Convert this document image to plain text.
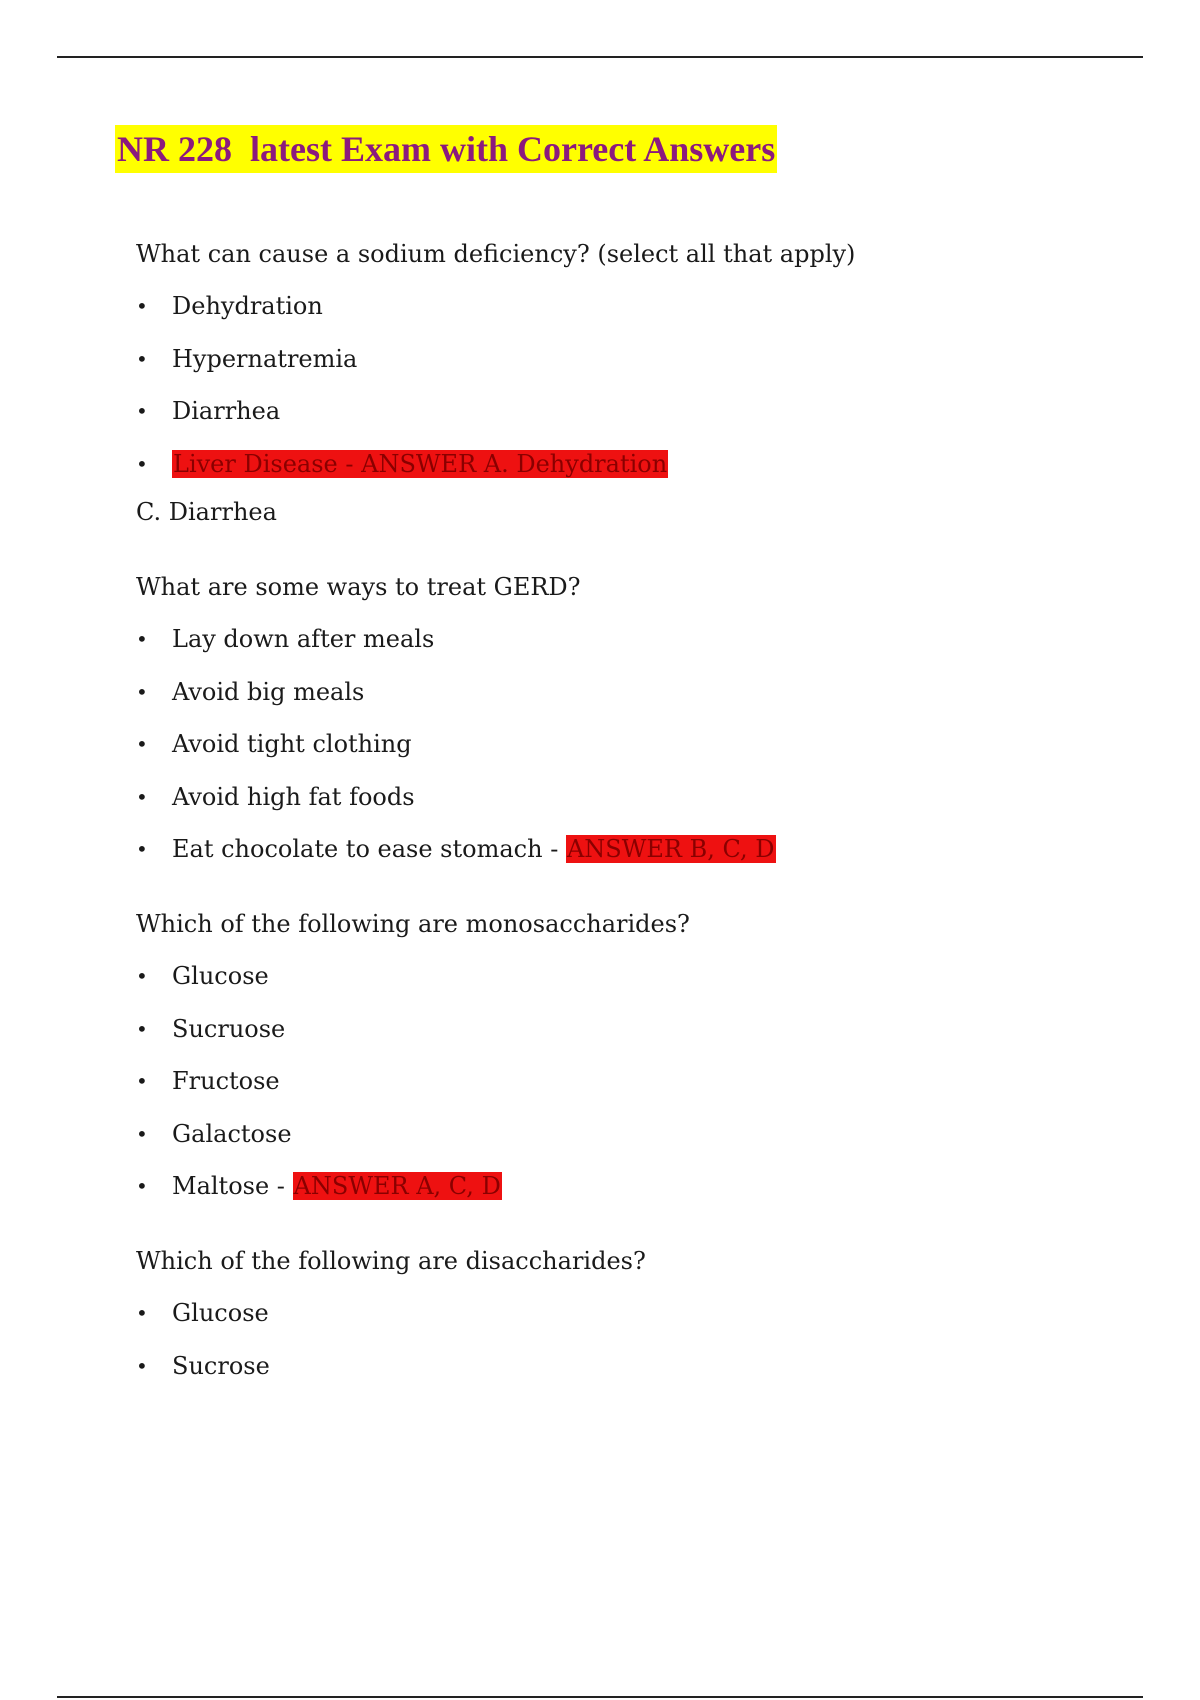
NR 228  latest Exam with Correct Answers

What can cause a sodium deficiency? (select all that apply)

• Dehydration
• Hypernatremia
• Diarrhea
• Liver Disease - ANSWER A. Dehydration

C. Diarrhea

What are some ways to treat GERD?

• Lay down after meals
• Avoid big meals
• Avoid tight clothing
• Avoid high fat foods
• Eat chocolate to ease stomach - ANSWER B, C, D

Which of the following are monosaccharides?

• Glucose
• Sucruose
• Fructose
• Galactose
• Maltose - ANSWER A, C, D

Which of the following are disaccharides?

• Glucose
• Sucrose
